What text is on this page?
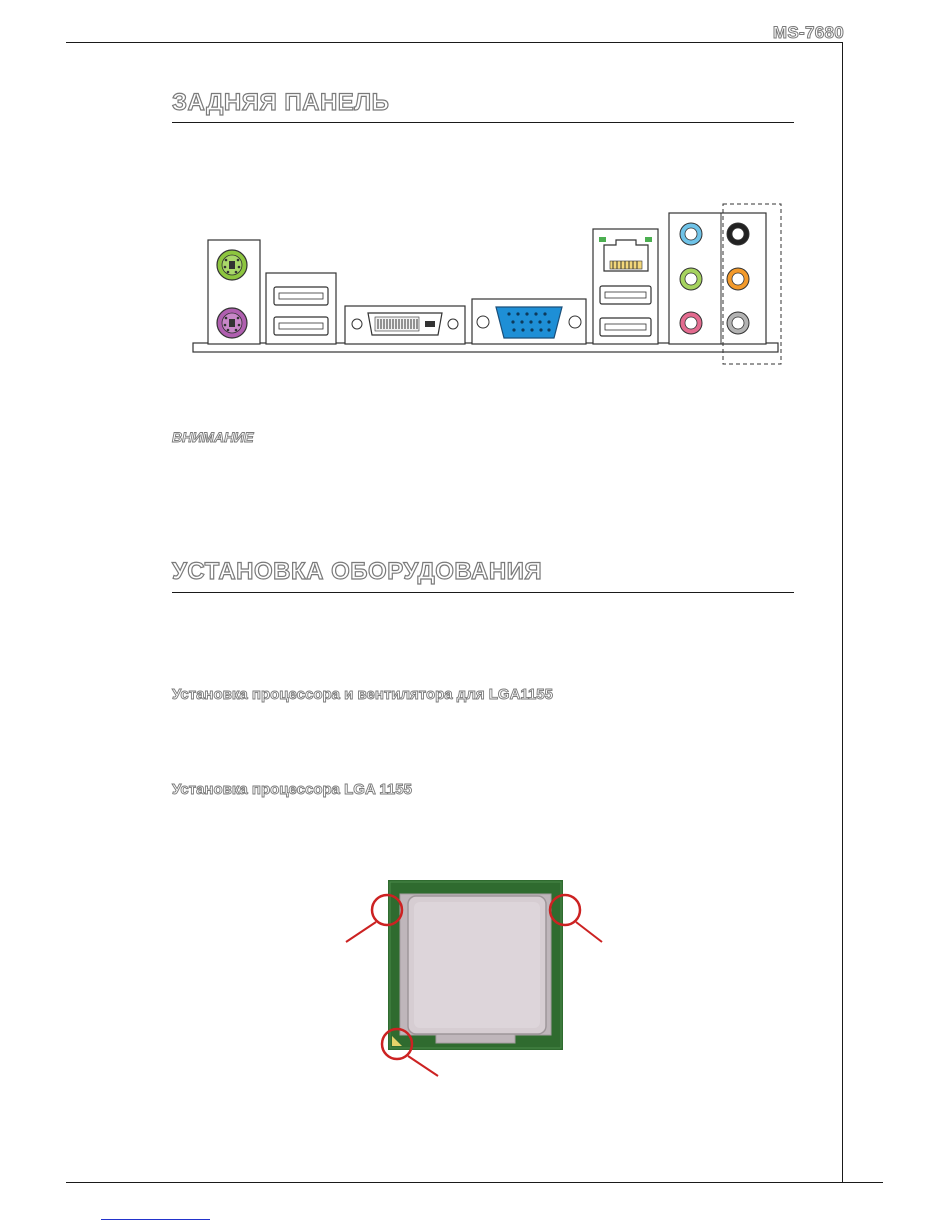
MS-7680
ЗАДНЯЯ ПАНЕЛЬ
ВНИМАНИЕ
УСТАНОВКА ОБОРУДОВАНИЯ
Установка процессора и вентилятора для LGA1155
Установка процессора LGA 1155
